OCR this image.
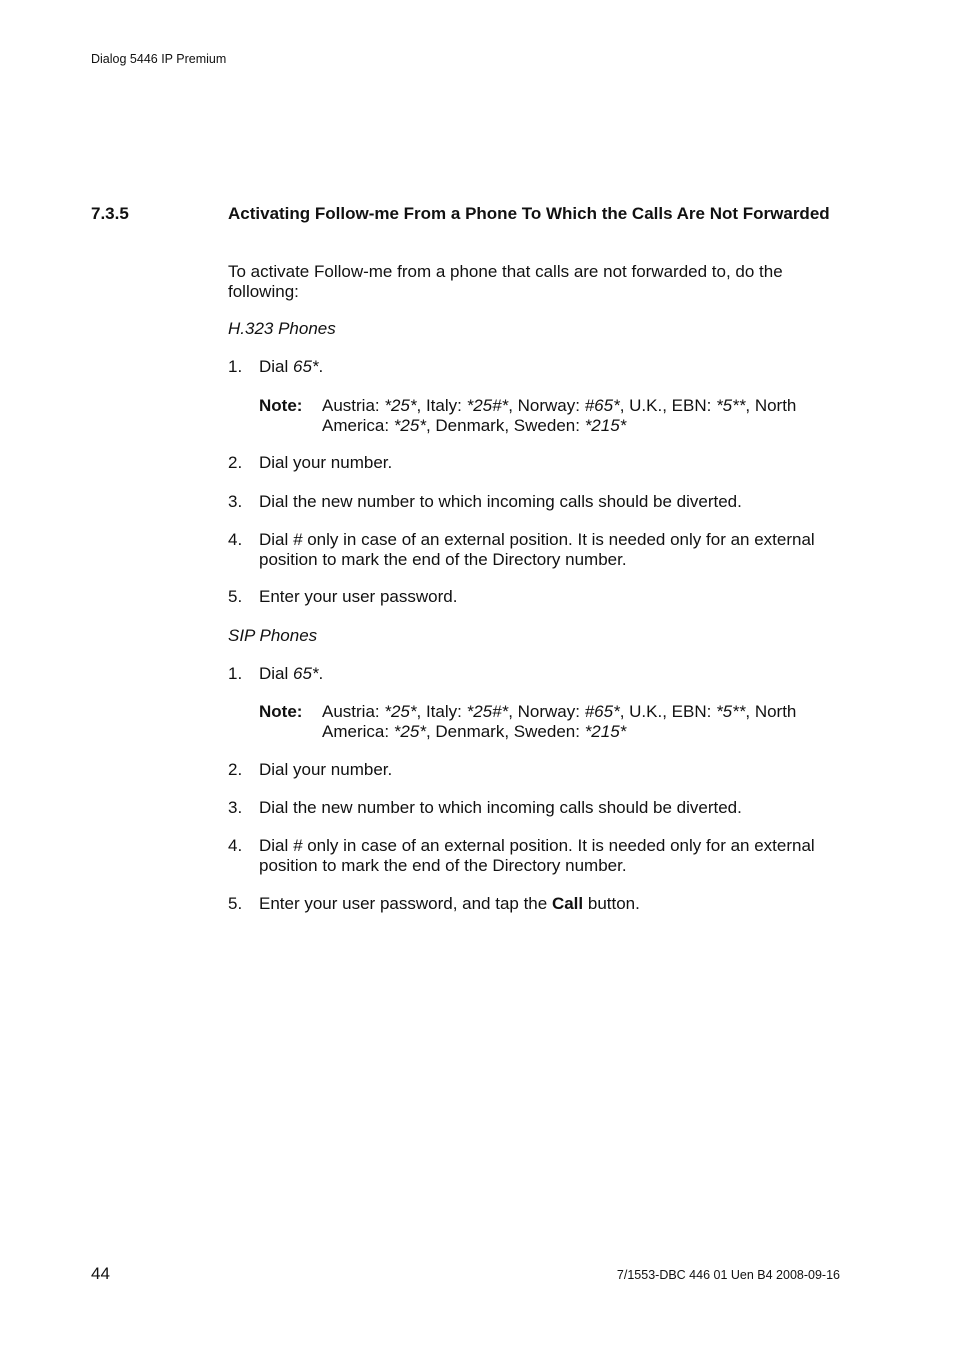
Dialog 5446 IP Premium
7.3.5	Activating Follow-me From a Phone To Which the Calls Are Not Forwarded
To activate Follow-me from a phone that calls are not forwarded to, do the following:
H.323 Phones
1. Dial 65*.
Note: Austria: *25*, Italy: *25#*, Norway: #65*, U.K., EBN: *5**, North America: *25*, Denmark, Sweden: *215*
2. Dial your number.
3. Dial the new number to which incoming calls should be diverted.
4. Dial # only in case of an external position. It is needed only for an external position to mark the end of the Directory number.
5. Enter your user password.
SIP Phones
1. Dial 65*.
Note: Austria: *25*, Italy: *25#*, Norway: #65*, U.K., EBN: *5**, North America: *25*, Denmark, Sweden: *215*
2. Dial your number.
3. Dial the new number to which incoming calls should be diverted.
4. Dial # only in case of an external position. It is needed only for an external position to mark the end of the Directory number.
5. Enter your user password, and tap the Call button.
44	7/1553-DBC 446 01 Uen B4 2008-09-16
